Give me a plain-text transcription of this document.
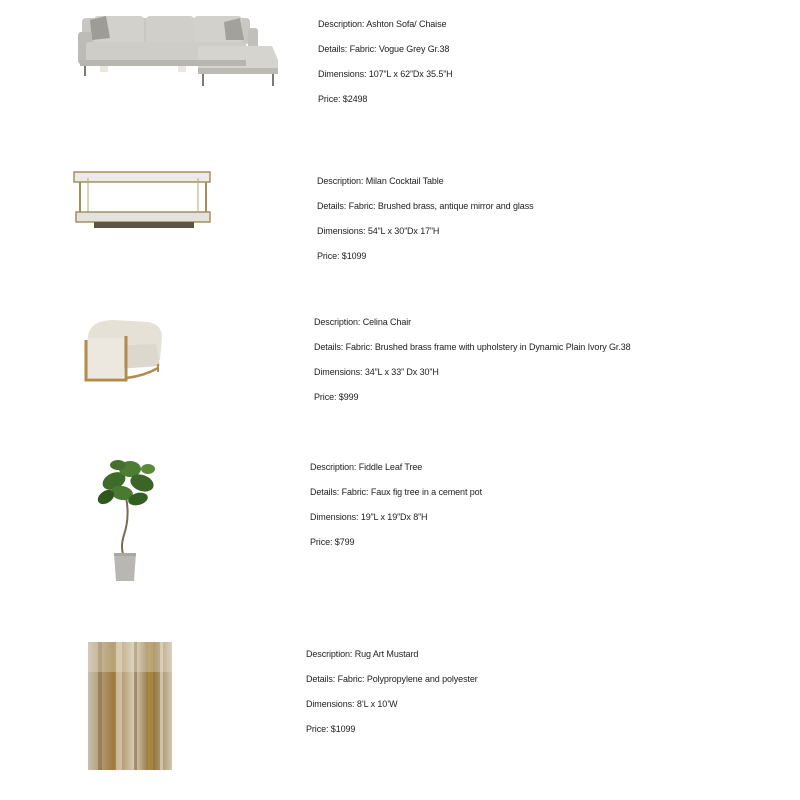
Description: Ashton Sofa/ Chaise

Details: Fabric: Vogue Grey Gr.38

Dimensions: 107”L x 62”Dx 35.5”H

Price: $2498

Description: Milan Cocktail Table

Details: Fabric: Brushed brass, antique mirror and glass

Dimensions: 54”L x 30”Dx 17”H

Price: $1099

Description: Celina Chair

Details: Fabric: Brushed brass frame with upholstery in Dynamic Plain Ivory Gr.38

Dimensions: 34”L x 33” Dx 30”H

Price: $999

Description: Fiddle Leaf Tree

Details: Fabric: Faux fig tree in a cement pot

Dimensions: 19”L x 19”Dx 8”H

Price: $799

Description: Rug Art Mustard

Details: Fabric: Polypropylene and polyester

Dimensions: 8’L x 10’W

Price: $1099
